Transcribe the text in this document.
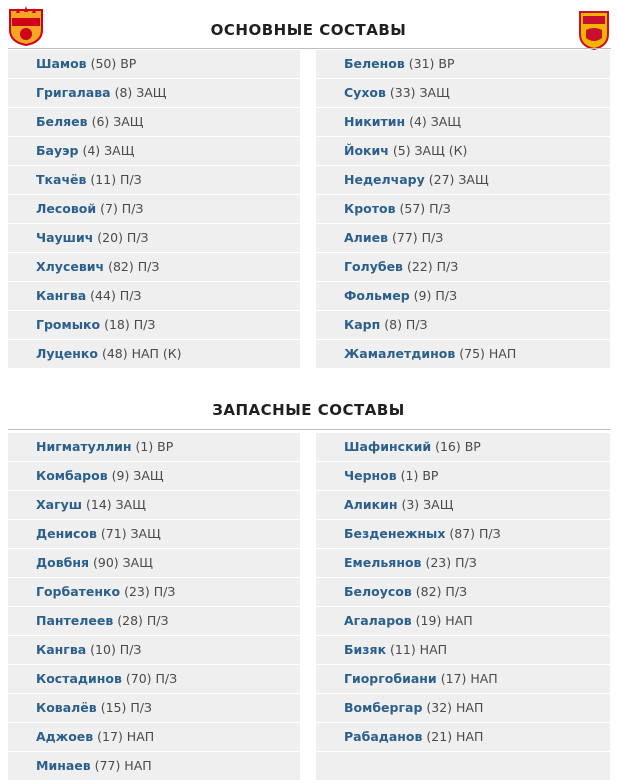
ОСНОВНЫЕ СОСТАВЫ
Шамов (50) ВР
Григалава (8) ЗАЩ
Беляев (6) ЗАЩ
Бауэр (4) ЗАЩ
Ткачёв (11) П/З
Лесовой (7) П/З
Чаушич (20) П/З
Хлусевич (82) П/З
Кангва (44) П/З
Громыко (18) П/З
Луценко (48) НАП (К)
Беленов (31) ВР
Сухов (33) ЗАЩ
Никитин (4) ЗАЩ
Йокич (5) ЗАЩ (К)
Неделчару (27) ЗАЩ
Кротов (57) П/З
Алиев (77) П/З
Голубев (22) П/З
Фольмер (9) П/З
Карп (8) П/З
Жамалетдинов (75) НАП
ЗАПАСНЫЕ СОСТАВЫ
Нигматуллин (1) ВР
Комбаров (9) ЗАЩ
Хагуш (14) ЗАЩ
Денисов (71) ЗАЩ
Довбня (90) ЗАЩ
Горбатенко (23) П/З
Пантелеев (28) П/З
Кангва (10) П/З
Костадинов (70) П/З
Ковалёв (15) П/З
Аджоев (17) НАП
Минаев (77) НАП
Шафинский (16) ВР
Чернов (1) ВР
Аликин (3) ЗАЩ
Безденежных (87) П/З
Емельянов (23) П/З
Белоусов (82) П/З
Агаларов (19) НАП
Бизяк (11) НАП
Гиоргобиани (17) НАП
Вомбергар (32) НАП
Рабаданов (21) НАП
